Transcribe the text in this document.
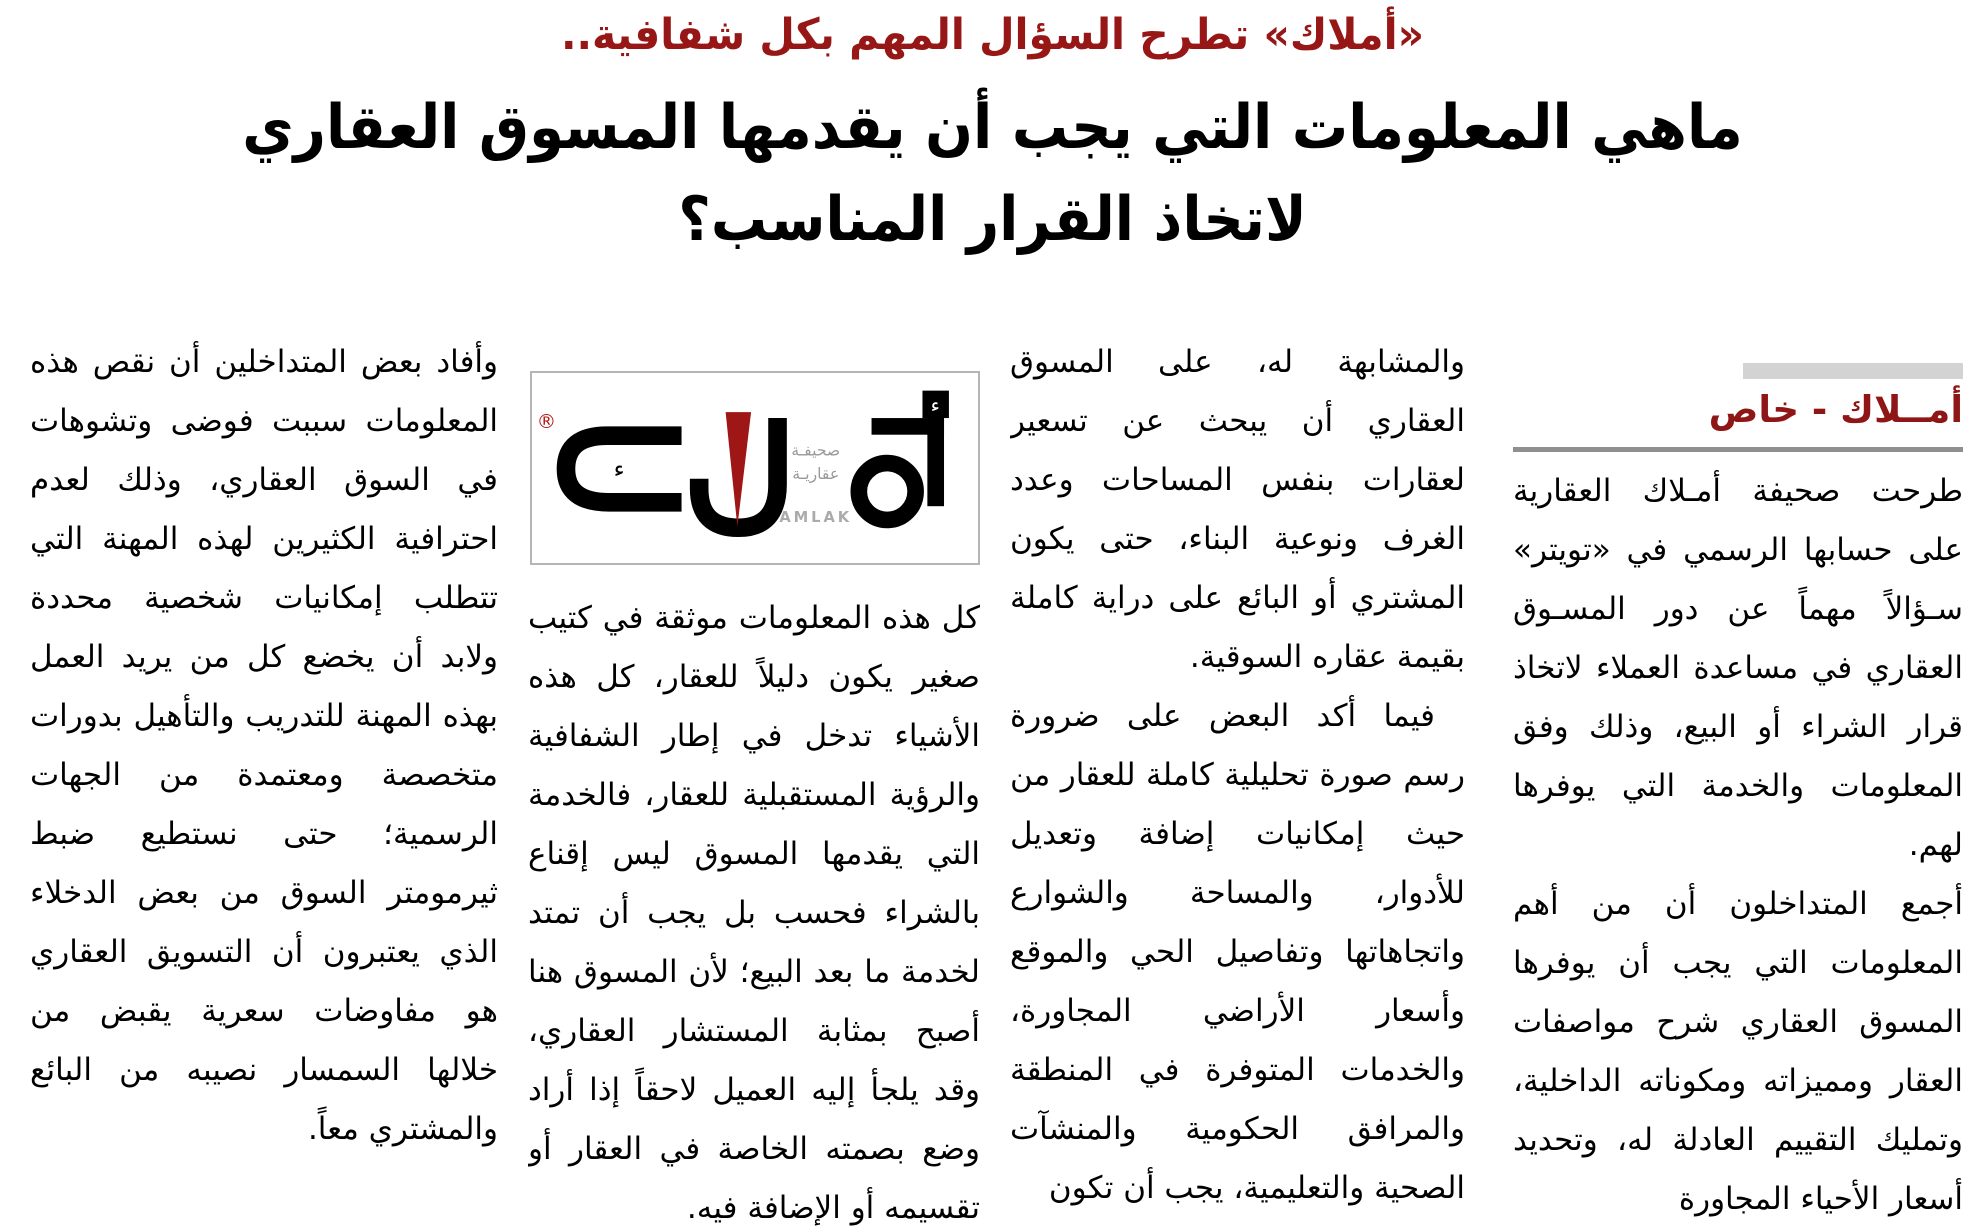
«أملاك» تطرح السؤال المهم بكل شفافية..
ماهي المعلومات التي يجب أن يقدمها المسوق العقاري
لاتخاذ القرار المناسب؟
أمــلاك - خاص

طرحت صحيفة أمـلاك العقارية على حسابها الرسمي في «تويتر» سـؤالاً مهماً عن دور المسـوق العقاري في مساعدة العملاء لاتخاذ قرار الشراء أو البيع، وذلك وفق المعلومات والخدمة التي يوفرها لهم.

أجمع المتداخلون أن من أهم المعلومات التي يجب أن يوفرها المسوق العقاري شرح مواصفات العقار ومميزاته ومكوناته الداخلية، وتمليك التقييم العادلة له، وتحديد أسعار الأحياء المجاورة

والمشابهة له، على المسوق العقاري أن يبحث عن تسعير لعقارات بنفس المساحات وعدد الغرف ونوعية البناء، حتى يكون المشتري أو البائع على دراية كاملة بقيمة عقاره السوقية.

فيما أكد البعض على ضرورة رسم صورة تحليلية كاملة للعقار من حيث إمكانيات إضافة وتعديل للأدوار، والمساحة والشوارع واتجاهاتها وتفاصيل الحي والموقع وأسعار الأراضي المجاورة، والخدمات المتوفرة في المنطقة والمرافق الحكومية والمنشآت الصحية والتعليمية، يجب أن تكون

®
ء
صحيفـة
عقاريـة
AMLAK
ء

كل هذه المعلومات موثقة في كتيب صغير يكون دليلاً للعقار، كل هذه الأشياء تدخل في إطار الشفافية والرؤية المستقبلية للعقار، فالخدمة التي يقدمها المسوق ليس إقناع بالشراء فحسب بل يجب أن تمتد لخدمة ما بعد البيع؛ لأن المسوق هنا أصبح بمثابة المستشار العقاري، وقد يلجأ إليه العميل لاحقاً إذا أراد وضع بصمته الخاصة في العقار أو تقسيمه أو الإضافة فيه.

وأفاد بعض المتداخلين أن نقص هذه المعلومات سببت فوضى وتشوهات في السوق العقاري، وذلك لعدم احترافية الكثيرين لهذه المهنة التي تتطلب إمكانيات شخصية محددة ولابد أن يخضع كل من يريد العمل بهذه المهنة للتدريب والتأهيل بدورات متخصصة ومعتمدة من الجهات الرسمية؛ حتى نستطيع ضبط ثيرمومتر السوق من بعض الدخلاء الذي يعتبرون أن التسويق العقاري هو مفاوضات سعرية يقبض من خلالها السمسار نصيبه من البائع والمشتري معاً.
